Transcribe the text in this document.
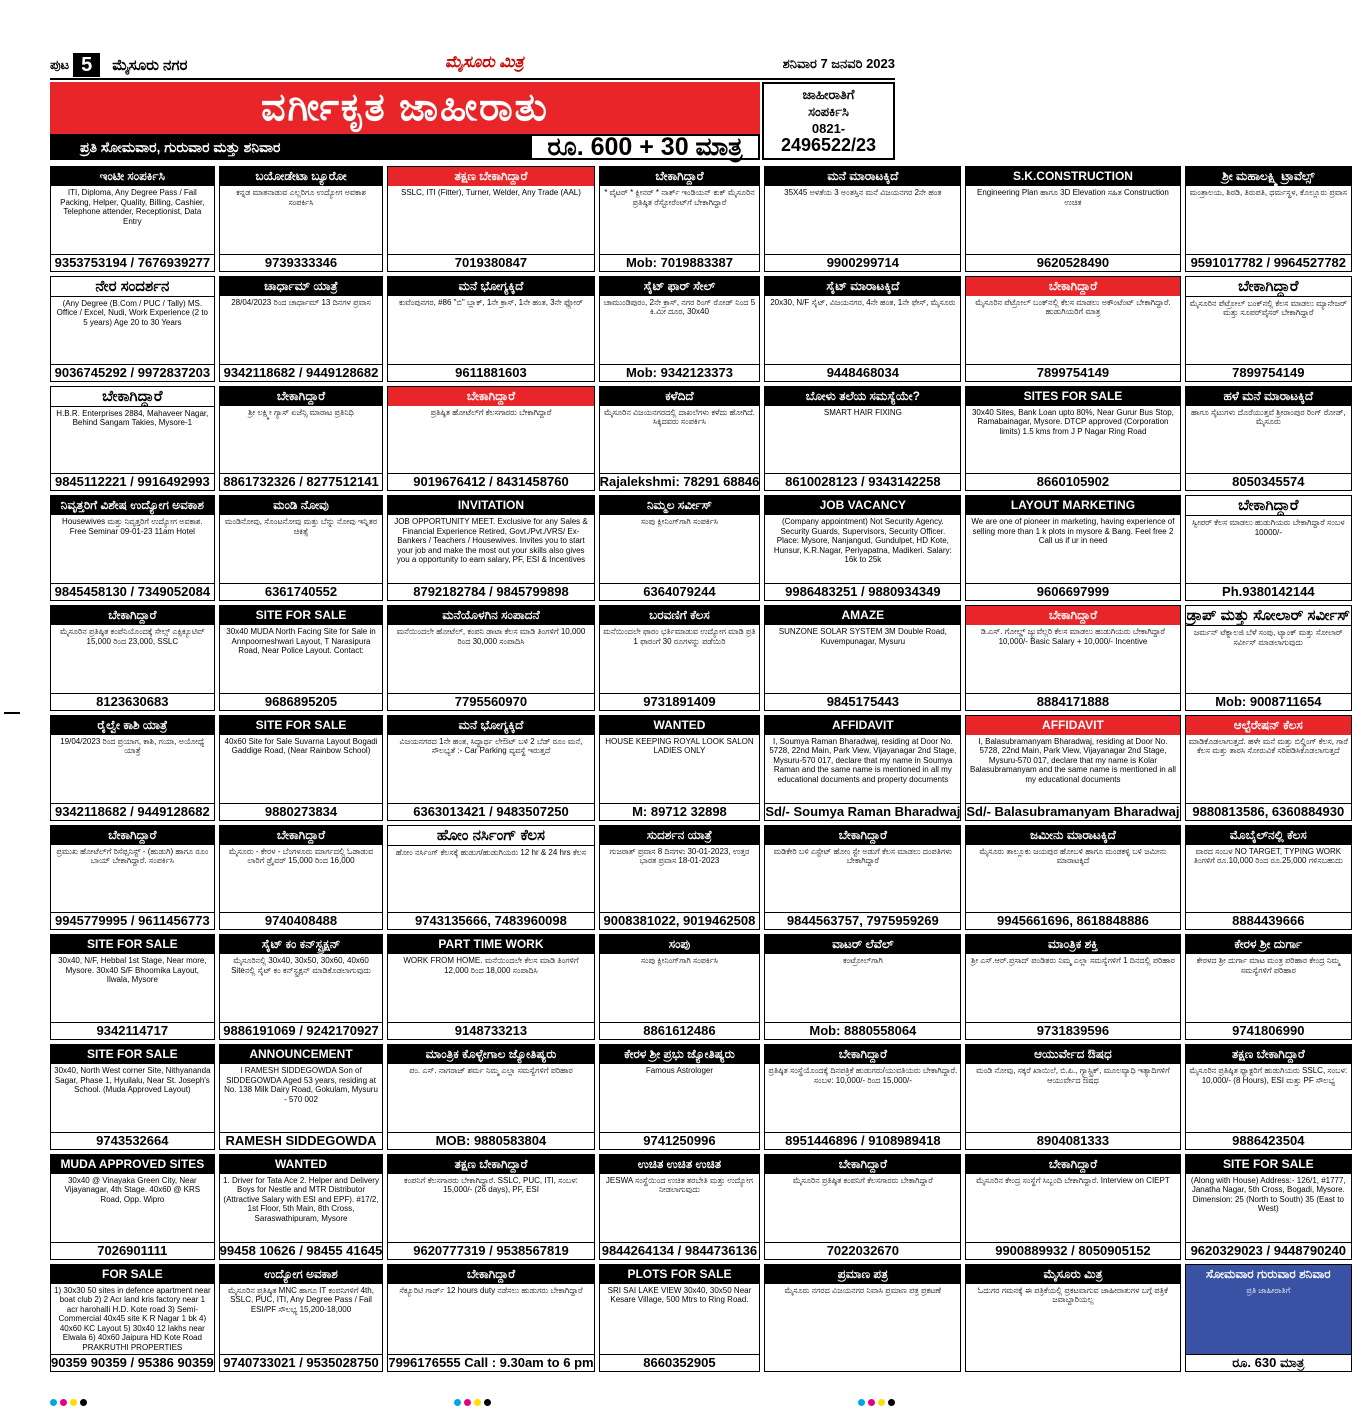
ಪುಟ 5	ಮೈಸೂರು ನಗರ	ಮೈಸೂರು ಮಿತ್ರ	ಶನಿವಾರ 7 ಜನವರಿ 2023
ವರ್ಗೀಕೃತ ಜಾಹೀರಾತು
ಪ್ರತಿ ಸೋಮವಾರ, ಗುರುವಾರ ಮತ್ತು ಶನಿವಾರ	ರೂ. 600 + 30 ಮಾತ್ರ
ಜಾಹೀರಾತಿಗೆ
ಸಂಪರ್ಕಿಸಿ
0821-
2496522/23
ಇಂಟೀ ಸಂಪರ್ಕಿಸಿ
ITI, Diploma, Any Degree Pass / Fail Packing, Helper, Quality, Billing, Cashier, Telephone attender, Receptionist, Data Entry
9353753194 / 7676939277
ಬಯೋಡೇಟಾ ಬ್ಯೂರೋ
ಕನ್ನಡ ಮಾತನಾಡುವ ಎಲ್ಲರಿಗೂ ಉದ್ಯೋಗ ಅವಕಾಶ ಸಂಪರ್ಕಿಸಿ
9739333346
ತಕ್ಷಣ ಬೇಕಾಗಿದ್ದಾರೆ
SSLC, ITI (Fitter), Turner, Welder, Any Trade (AAL)
7019380847
ಬೇಕಾಗಿದ್ದಾರೆ
* ವೈಟರ್ * ಕ್ಲೀನರ್ * ನಾರ್ತ್ ಇಂಡಿಯನ್ ಕುಕ್ ಮೈಸೂರಿನ ಪ್ರತಿಷ್ಠಿತ ರೆಸ್ಟೋರೆಂಟ್‌ಗೆ ಬೇಕಾಗಿದ್ದಾರೆ
Mob: 7019883387
ಮನೆ ಮಾರಾಟಕ್ಕಿದೆ
35X45 ಅಳತೆಯ 3 ಅಂತಸ್ತಿನ ಮನೆ ವಿಜಯನಗರ 2ನೇ ಹಂತ
9900299714
S.K.CONSTRUCTION
Engineering Plan ಹಾಗೂ 3D Elevation ಸಹಿತ Construction ಉಚಿತ
9620528490
ಶ್ರೀ ಮಹಾಲಕ್ಷ್ಮಿ ಟ್ರಾವೆಲ್ಸ್
ಮಂತ್ರಾಲಯ, ಶಿರಡಿ, ತಿರುಪತಿ, ಧರ್ಮಸ್ಥಳ, ಕೊಲ್ಲೂರು ಪ್ರವಾಸ
9591017782 / 9964527782
ನೇರ ಸಂದರ್ಶನ
(Any Degree (B.Com / PUC / Tally) MS. Office / Excel, Nudi, Work Experience (2 to 5 years) Age 20 to 30 Years
9036745292 / 9972837203
ಚಾರ್ಧಾಮ್ ಯಾತ್ರೆ
28/04/2023 ರಿಂದ ಚಾರ್ಧಾಮ್ 13 ದಿನಗಳ ಪ್ರವಾಸ
9342118682 / 9449128682
ಮನೆ ಭೋಗ್ಯಕ್ಕಿದೆ
ಕುವೆಂಪುನಗರ, #86 "ಬಿ" ಬ್ಲಾಕ್, 1ನೇ ಕ್ರಾಸ್, 1ನೇ ಹಂತ, 3ನೇ ಫ್ಲೋರ್
9611881603
ಸೈಟ್ ಫಾರ್ ಸೇಲ್
ಚಾಮುಂಡಿಪುರಂ, 2ನೇ ಕ್ರಾಸ್, ನಗರ ರಿಂಗ್ ರೋಡ್ ನಿಂದ 5 ಕಿ.ಮೀ ದೂರ, 30x40
Mob: 9342123373
ಸೈಟ್ ಮಾರಾಟಕ್ಕಿದೆ
20x30, N/F ಸೈಟ್, ವಿಜಯನಗರ, 4ನೇ ಹಂತ, 1ನೇ ಫೇಸ್, ಮೈಸೂರು
9448468034
ಬೇಕಾಗಿದ್ದಾರೆ
ಮೈಸೂರಿನ ಪೆಟ್ರೋಲ್ ಬಂಕ್‌ನಲ್ಲಿ ಕೆಲಸ ಮಾಡಲು ಅಕೌಂಟೆಂಟ್ ಬೇಕಾಗಿದ್ದಾರೆ. ಹುಡುಗಿಯರಿಗೆ ಮಾತ್ರ
7899754149
ಬೇಕಾಗಿದ್ದಾರೆ
ಮೈಸೂರಿನ ಪೆಟ್ರೋಲ್ ಬಂಕ್‌ನಲ್ಲಿ ಕೆಲಸ ಮಾಡಲು ಮ್ಯಾನೇಜರ್ ಮತ್ತು ಸೂಪರ್‌ವೈಸರ್ ಬೇಕಾಗಿದ್ದಾರೆ
7899754149
ಬೇಕಾಗಿದ್ದಾರೆ
H.B.R. Enterprises 2884, Mahaveer Nagar, Behind Sangam Takies, Mysore-1
9845112221 / 9916492993
ಬೇಕಾಗಿದ್ದಾರೆ
ಶ್ರೀ ಲಕ್ಷ್ಮೀ ಗ್ಯಾಸ್ ಏಜೆನ್ಸಿ ಮಾರಾಟ ಪ್ರತಿನಿಧಿ
8861732326 / 8277512141
ಬೇಕಾಗಿದ್ದಾರೆ
ಪ್ರತಿಷ್ಠಿತ ಹೋಟೆಲ್‌ಗೆ ಕೆಲಸಗಾರರು ಬೇಕಾಗಿದ್ದಾರೆ
9019676412 / 8431458760
ಕಳೆದಿದೆ
ಮೈಸೂರಿನ ವಿಜಯನಗರದಲ್ಲಿ ದಾಖಲೆಗಳು ಕಳೆದು ಹೋಗಿದೆ. ಸಿಕ್ಕಿದವರು ಸಂಪರ್ಕಿಸಿ
Rajalekshmi: 78291 68846
ಬೋಳು ತಲೆಯ ಸಮಸ್ಯೆಯೇ?
SMART HAIR FIXING
8610028123 / 9343142258
SITES FOR SALE
30x40 Sites, Bank Loan upto 80%, Near Gurur Bus Stop, Ramabainagar, Mysore. DTCP approved (Corporation limits) 1.5 kms from J P Nagar Ring Road
8660105902
ಹಳೆ ಮನೆ ಮಾರಾಟಕ್ಕಿದೆ
ಹಾಗೂ ಸೈಟುಗಳು ದೊರೆಯುತ್ತವೆ ಶ್ರೀರಾಂಪುರ ರಿಂಗ್ ರೋಡ್, ಮೈಸೂರು
8050345574
ನಿವೃತ್ತರಿಗೆ ವಿಶೇಷ ಉದ್ಯೋಗ ಅವಕಾಶ
Housewives ಮತ್ತು ನಿವೃತ್ತರಿಗೆ ಉದ್ಯೋಗ ಅವಕಾಶ. Free Seminar 09-01-23 11am Hotel
9845458130 / 7349052084
ಮಂಡಿ ನೋವು
ಮಂಡಿನೋವು, ಸೊಂಟನೋವು ಮತ್ತು ಬೆನ್ನು ನೋವು ಇನ್ನಿತರ ಚಿಕಿತ್ಸೆ
6361740552
INVITATION
JOB OPPORTUNITY MEET. Exclusive for any Sales & Financial Experience Retired, Govt./Pvt./VRS/ Ex-Bankers / Teachers / Housewives. Invites you to start your job and make the most out your skills also gives you a opportunity to earn salary, PF, ESI & Incentives
8792182784 / 9845799898
ನಿಮ್ಮಲ ಸರ್ವೀಸ್
ಸಂಪು ಕ್ಲೀನಿಂಗ್‌ಗಾಗಿ ಸಂಪರ್ಕಿಸಿ
6364079244
JOB VACANCY
(Company appointment) Not Security Agency. Security Guards, Supervisors, Security Officer. Place: Mysore, Nanjangud, Gundulpet, HD Kote, Hunsur, K.R.Nagar, Periyapatna, Madikeri. Salary: 16k to 25k
9986483251 / 9880934349
LAYOUT MARKETING
We are one of pioneer in marketing, having experience of selling more than 1 k plots in mysore & Bang. Feel free 2 Call us if ur in need
9606697999
ಬೇಕಾಗಿದ್ದಾರೆ
ಸ್ವೀಪರ್ ಕೆಲಸ ಮಾಡಲು ಹುಡುಗಿಯರು ಬೇಕಾಗಿದ್ದಾರೆ ಸಂಬಳ 10000/-
Ph.9380142144
ಬೇಕಾಗಿದ್ದಾರೆ
ಮೈಸೂರಿನ ಪ್ರತಿಷ್ಠಿತ ಕಂಪೆನಿಯೊಂದಕ್ಕೆ ಸೇಲ್ಸ್ ಎಕ್ಸಿಕ್ಯೂಟಿವ್ 15,000 ರಿಂದ 23,000, SSLC
8123630683
SITE FOR SALE
30x40 MUDA North Facing Site for Sale in Annpoorneshwari Layout, T Narasipura Road, Near Police Layout. Contact:
9686895205
ಮನೆಯೊಳಗಿನ ಸಂಪಾದನೆ
ಮನೆಯಿಂದಲೇ ಹೋಟೆಲ್, ಕಂಪನಿ ಡಾಟಾ ಕೆಲಸ ಮಾಡಿ ತಿಂಗಳಿಗೆ 10,000 ರಿಂದ 30,000 ಸಂಪಾದಿಸಿ
7795560970
ಬರವಣಿಗೆ ಕೆಲಸ
ಮನೆಯಿಂದಲೇ ಫಾರಂ ಭರ್ತಿಮಾಡುವ ಉದ್ಯೋಗ ಮಾಡಿ ಪ್ರತಿ 1 ಫಾರಂಗೆ 30 ರೂಗಳನ್ನು ಪಡೆಯಿರಿ
9731891409
AMAZE
SUNZONE SOLAR SYSTEM 3M Double Road, Kuvempunagar, Mysuru
9845175443
ಬೇಕಾಗಿದ್ದಾರೆ
ಡಿ.ಎಸ್. ಗೋಲ್ಡ್ ಜ್ಯುವೆಲ್ಲರಿ ಕೆಲಸ ಮಾಡಲು ಹುಡುಗಿಯರು ಬೇಕಾಗಿದ್ದಾರೆ 10,000/- Basic Salary + 10,000/- Incentive
8884171888
ಡ್ರಾಪ್ ಮತ್ತು ಸೋಲಾರ್ ಸರ್ವೀಸ್
ಜರ್ಮನ್ ಟೆಕ್ನಾಲಜಿ ಬೆಳೆ ಸಂಪು, ಟ್ಯಾಂಕ್ ಮತ್ತು ಸೋಲಾರ್ ಸರ್ವೀಸ್ ಮಾಡಲಾಗುವುದು
Mob: 9008711654
ರೈಲ್ವೇ ಕಾಶಿ ಯಾತ್ರೆ
19/04/2023 ರಿಂದ ಪ್ರಯಾಗ, ಕಾಶಿ, ಗಯಾ, ಅಯೋಧ್ಯೆ ಯಾತ್ರೆ
9342118682 / 9449128682
SITE FOR SALE
40x60 Site for Sale Suvarna Layout Bogadi Gaddige Road, (Near Rainbow School)
9880273834
ಮನೆ ಭೋಗ್ಯಕ್ಕಿದೆ
ವಿಜಯನಗರದ 1ನೇ ಹಂತ, ಸಿದ್ಧಾರ್ಥ ಲೇಔಟ್ ಬಳಿ 2 ಬೆಡ್ ರೂಂ ಮನೆ, ಸೌಲಭ್ಯತೆ :- Car Parking ವ್ಯವಸ್ಥೆ ಇರುತ್ತದೆ
6363013421 / 9483507250
WANTED
HOUSE KEEPING ROYAL LOOK SALON LADIES ONLY
M: 89712 32898
AFFIDAVIT
I, Soumya Raman Bharadwaj, residing at Door No. 5728, 22nd Main, Park View, Vijayanagar 2nd Stage, Mysuru-570 017, declare that my name in Soumya Raman and the same name is mentioned in all my educational documents and property documents
Sd/- Soumya Raman Bharadwaj
AFFIDAVIT
I, Balasubramanyam Bharadwaj, residing at Door No. 5728, 22nd Main, Park View, Vijayanagar 2nd Stage, Mysuru-570 017, declare that my name is Kolar Balasubramanyam and the same name is mentioned in all my educational documents
Sd/- Balasubramanyam Bharadwaj
ಆಲ್ಟೆರೇಷನ್ ಕೆಲಸ
ಮಾಡಿಕೊಡಲಾಗುತ್ತದೆ. ಹಳೇ ಮನೆ ಮತ್ತು ಬಿಲ್ಡಿಂಗ್ ಕೆಲಸ, ಗಾರೆ ಕೆಲಸ ಮತ್ತು ತಾರಸಿ ಸೋರುವಿಕೆ ಸರಿಪಡಿಸಿಕೊಡಲಾಗುತ್ತದೆ
9880813586, 6360884930
ಬೇಕಾಗಿದ್ದಾರೆ
ಪ್ರಮುಖ ಹೋಟೆಲ್‌ಗೆ ರಿಸೆಪ್ಷನಿಸ್ಟ್ - (ಹುಡುಗಿ) ಹಾಗೂ ರೂಂ ಬಾಯ್ ಬೇಕಾಗಿದ್ದಾರೆ. ಸಂಪರ್ಕಿಸಿ
9945779995 / 9611456773
ಬೇಕಾಗಿದ್ದಾರೆ
ಮೈಸೂರು - ಕೇರಳ - ಬೆಂಗಳೂರು ಮಾರ್ಗದಲ್ಲಿ ಓಡಾಡುವ ಲಾರಿಗೆ ಡ್ರೈವರ್ 15,000 ರಿಂದ 16,000
9740408488
ಹೋಂ ನರ್ಸಿಂಗ್ ಕೆಲಸ
ಹೋಂ ನರ್ಸಿಂಗ್ ಕೆಲಸಕ್ಕೆ ಹುಡುಗ/ಹುಡುಗಿಯರು 12 hr & 24 hrs ಕೆಲಸ
9743135666, 7483960098
ಸುದರ್ಶನ ಯಾತ್ರೆ
ಗುಜರಾತ್ ಪ್ರವಾಸ 8 ದಿನಗಳು 30-01-2023, ಉತ್ತರ ಭಾರತ ಪ್ರವಾಸ 18-01-2023
9008381022, 9019462508
ಬೇಕಾಗಿದ್ದಾರೆ
ಮಡಿಕೇರಿ ಬಳಿ ಎಸ್ಟೇಟ್ ಹೋಂ ಸ್ಟೇ ಅಡುಗೆ ಕೆಲಸ ಮಾಡಲು ದಂಪತಿಗಳು ಬೇಕಾಗಿದ್ದಾರೆ
9844563757, 7975959269
ಜಮೀನು ಮಾರಾಟಕ್ಕಿದೆ
ಮೈಸೂರು ತಾಲ್ಲೂಕು ಜಯಪುರ ಹೋಬಳಿ ಹಾಗೂ ಮಂಡಕಳ್ಳಿ ಬಳಿ ಜಮೀನು ಮಾರಾಟಕ್ಕಿದೆ
9945661696, 8618848886
ಮೊಬೈಲ್‌ನಲ್ಲಿ ಕೆಲಸ
ವಾರದ ಸಂಬಳ NO TARGET, TYPING WORK ತಿಂಗಳಿಗೆ ರೂ.10,000 ರಿಂದ ರೂ.25,000 ಗಳಿಸಬಹುದು
8884439666
SITE FOR SALE
30x40, N/F, Hebbal 1st Stage, Near more, Mysore. 30x40 S/F Bhoomika Layout, Ilwala, Mysore
9342114717
ಸೈಟ್ ಕಂ ಕನ್‌ಸ್ಟ್ರಕ್ಷನ್
ಮೈಸೂರಿನಲ್ಲಿ 30x40, 30x50, 30x60, 40x60 Siteನಲ್ಲಿ ಸೈಟ್ ಕಂ ಕನ್‌ಸ್ಟ್ರಕ್ಷನ್ ಮಾಡಿಕೊಡಲಾಗುವುದು
9886191069 / 9242170927
PART TIME WORK
WORK FROM HOME. ಮನೆಯಿಂದಲೇ ಕೆಲಸ ಮಾಡಿ ತಿಂಗಳಿಗೆ 12,000 ರಿಂದ 18,000 ಸಂಪಾದಿಸಿ
9148733213
ಸಂಪು
ಸಂಪು ಕ್ಲೀನಿಂಗ್‌ಗಾಗಿ ಸಂಪರ್ಕಿಸಿ
8861612486
ವಾಟರ್ ಲೆವೆಲ್
ಕಂಟ್ರೋಲ್‌ಗಾಗಿ
Mob: 8880558064
ಮಾಂತ್ರಿಕ ಶಕ್ತಿ
ಶ್ರೀ ಎಸ್.ಆರ್.ಪ್ರಸಾದ್ ಪಂಡಿತರು ನಿಮ್ಮ ಎಲ್ಲಾ ಸಮಸ್ಯೆಗಳಿಗೆ 1 ದಿನದಲ್ಲಿ ಪರಿಹಾರ
9731839596
ಕೇರಳ ಶ್ರೀ ದುರ್ಗಾ
ಕೇರಳದ ಶ್ರೀ ದುರ್ಗಾ ಮಾಟ ಮಂತ್ರ ಪರಿಹಾರ ಕೇಂದ್ರ ನಿಮ್ಮ ಸಮಸ್ಯೆಗಳಿಗೆ ಪರಿಹಾರ
9741806990
SITE FOR SALE
30x40, North West corner Site, Nithyananda Sagar, Phase 1, Hyuilalu, Near St. Joseph's School. (Muda Approved Layout)
9743532664
ANNOUNCEMENT
I RAMESH SIDDEGOWDA Son of SIDDEGOWDA Aged 53 years, residing at No. 138 Milk Dairy Road, Gokulam, Mysuru - 570 002
RAMESH SIDDEGOWDA
ಮಾಂತ್ರಿಕ ಕೊಳ್ಳೇಗಾಲ ಜ್ಯೋತಿಷ್ಯರು
ಪಂ. ಎಸ್. ನಾಗರಾಜ್ ಶರ್ಮ ನಿಮ್ಮ ಎಲ್ಲಾ ಸಮಸ್ಯೆಗಳಿಗೆ ಪರಿಹಾರ
MOB: 9880583804
ಕೇರಳ ಶ್ರೀ ಪ್ರಭು ಜ್ಯೋತಿಷ್ಯರು
Famous Astrologer
9741250996
ಬೇಕಾಗಿದ್ದಾರೆ
ಪ್ರತಿಷ್ಠಿತ ಸಂಸ್ಥೆಯೊಂದಕ್ಕೆ ದಿನಪತ್ರಿಕೆ ಹುಡುಗರು/ಯುವತಿಯರು ಬೇಕಾಗಿದ್ದಾರೆ. ಸಂಬಳ: 10,000/- ರಿಂದ 15,000/-
8951446896 / 9108989418
ಆಯುರ್ವೇದ ಔಷಧ
ಮಂಡಿ ನೋವು, ಸಕ್ಕರೆ ಖಾಯಿಲೆ, ಬಿ.ಪಿ., ಗ್ಯಾಸ್ಟ್ರಿಕ್, ಮೂಲವ್ಯಾಧಿ ಇತ್ಯಾದಿಗಳಿಗೆ ಆಯುರ್ವೇದ ಔಷಧ
8904081333
ತಕ್ಷಣ ಬೇಕಾಗಿದ್ದಾರೆ
ಮೈಸೂರಿನ ಪ್ರತಿಷ್ಠಿತ ಫ್ಯಾಕ್ಟರಿಗೆ ಹುಡುಗಿಯರು SSLC, ಸಂಬಳ: 10,000/- (8 Hours), ESI ಮತ್ತು PF ಸೌಲಭ್ಯ
9886423504
MUDA APPROVED SITES
30x40 @ Vinayaka Green City, Near Vijayanagar, 4th Stage. 40x60 @ KRS Road, Opp. Wipro
7026901111
WANTED
1. Driver for Tata Ace 2. Helper and Delivery Boys for Nestle and MTR Distributor (Attractive Salary with ESI and EPF). #17/2, 1st Floor, 5th Main, 8th Cross, Saraswathipuram, Mysore
99458 10626 / 98455 41645
ತಕ್ಷಣ ಬೇಕಾಗಿದ್ದಾರೆ
ಕಂಪನಿಗೆ ಕೆಲಸಗಾರರು ಬೇಕಾಗಿದ್ದಾರೆ. SSLC, PUC, ITI, ಸಂಬಳ: 15,000/- (26 days), PF, ESI
9620777319 / 9538567819
ಉಚಿತ ಉಚಿತ ಉಚಿತ
JESWA ಸಂಸ್ಥೆಯಿಂದ ಉಚಿತ ತರಬೇತಿ ಮತ್ತು ಉದ್ಯೋಗ ನೀಡಲಾಗುವುದು
9844264134 / 9844736136
ಬೇಕಾಗಿದ್ದಾರೆ
ಮೈಸೂರಿನ ಪ್ರತಿಷ್ಠಿತ ಕಂಪನಿಗೆ ಕೆಲಸಗಾರರು ಬೇಕಾಗಿದ್ದಾರೆ
7022032670
ಬೇಕಾಗಿದ್ದಾರೆ
ಮೈಸೂರಿನ ಕೇಂದ್ರ ಸಂಸ್ಥೆಗೆ ಸಿಬ್ಬಂದಿ ಬೇಕಾಗಿದ್ದಾರೆ. Interview on CIEPT
9900889932 / 8050905152
SITE FOR SALE
(Along with House) Address:- 126/1, #1777, Janatha Nagar, 5th Cross, Bogadi, Mysore. Dimension: 25 (North to South) 35 (East to West)
9620329023 / 9448790240
FOR SALE
1) 30x30 50 sites in defence apartment near boat club 2) 2 Acr land kris factory near 1 acr harohalli H.D. Kote road 3) Semi-Commercial 40x45 site K R Nagar 1 bk 4) 40x60 KC Layout 5) 30x40 12 lakhs near Elwala 6) 40x60 Jaipura HD Kote Road PRAKRUTHI PROPERTIES
90359 90359 / 95386 90359
ಉದ್ಯೋಗ ಅವಕಾಶ
ಮೈಸೂರಿನ ಪ್ರತಿಷ್ಠಿತ MNC ಹಾಗೂ IT ಕಂಪನಿಗಳಿಗೆ 4th, SSLC, PUC, ITI, Any Degree Pass / Fail ESI/PF ಸೌಲಭ್ಯ 15,200-18,000
9740733021 / 9535028750
ಬೇಕಾಗಿದ್ದಾರೆ
ಸೆಕ್ಯೂರಿಟಿ ಗಾರ್ಡ್ 12 hours duty ನಡೆಸಲು ಹುಡುಗರು ಬೇಕಾಗಿದ್ದಾರೆ
7996176555 Call : 9.30am to 6 pm
PLOTS FOR SALE
SRI SAI LAKE VIEW 30x40, 30x50 Near Kesare Village, 500 Mtrs to Ring Road.
8660352905
ಪ್ರಮಾಣ ಪತ್ರ
ಮೈಸೂರು ನಗರದ ವಿಜಯನಗರ ನಿವಾಸಿ ಪ್ರಮಾಣ ಪತ್ರ ಪ್ರಕಟಣೆ
ಮೈಸೂರು ಮಿತ್ರ
ಓದುಗರ ಗಮನಕ್ಕೆ ಈ ಪತ್ರಿಕೆಯಲ್ಲಿ ಪ್ರಕಟವಾಗುವ ಜಾಹೀರಾತುಗಳ ಬಗ್ಗೆ ಪತ್ರಿಕೆ ಜವಾಬ್ದಾರಿಯಲ್ಲ
ಸೋಮವಾರ ಗುರುವಾರ ಶನಿವಾರ
ಪ್ರತಿ ಜಾಹೀರಾತಿಗೆ
ರೂ. 630 ಮಾತ್ರ
